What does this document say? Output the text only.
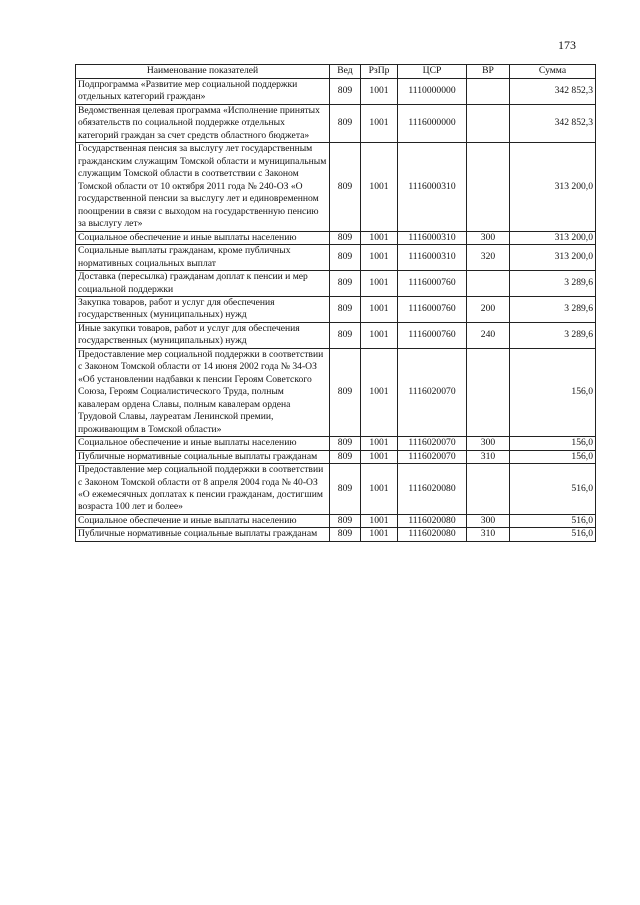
173
Наименование показателей	Вед	РзПр	ЦСР	ВР	Сумма
Подпрограмма «Развитие мер социальной поддержки отдельных категорий граждан»	809	1001	1110000000		342 852,3
Ведомственная целевая программа «Исполнение принятых обязательств по социальной поддержке отдельных категорий граждан за счет средств областного бюджета»	809	1001	1116000000		342 852,3
Государственная пенсия за выслугу лет государственным гражданским служащим Томской области и муниципальным служащим Томской области в соответствии с Законом Томской области от 10 октября 2011 года № 240-ОЗ «О государственной пенсии за выслугу лет и единовременном поощрении в связи с выходом на государственную пенсию за выслугу лет»	809	1001	1116000310		313 200,0
Социальное обеспечение и иные выплаты населению	809	1001	1116000310	300	313 200,0
Социальные выплаты гражданам, кроме публичных нормативных социальных выплат	809	1001	1116000310	320	313 200,0
Доставка (пересылка) гражданам доплат к пенсии и мер социальной поддержки	809	1001	1116000760		3 289,6
Закупка товаров, работ и услуг для обеспечения государственных (муниципальных) нужд	809	1001	1116000760	200	3 289,6
Иные закупки товаров, работ и услуг для обеспечения государственных (муниципальных) нужд	809	1001	1116000760	240	3 289,6
Предоставление мер социальной поддержки в соответствии с Законом Томской области от 14 июня 2002 года № 34-ОЗ «Об установлении надбавки к пенсии Героям Советского Союза, Героям Социалистического Труда, полным кавалерам ордена Славы, полным кавалерам ордена Трудовой Славы, лауреатам Ленинской премии, проживающим в Томской области»	809	1001	1116020070		156,0
Социальное обеспечение и иные выплаты населению	809	1001	1116020070	300	156,0
Публичные нормативные социальные выплаты гражданам	809	1001	1116020070	310	156,0
Предоставление мер социальной поддержки в соответствии с Законом Томской области от 8 апреля 2004 года № 40-ОЗ «О ежемесячных доплатах к пенсии гражданам, достигшим возраста 100 лет и более»	809	1001	1116020080		516,0
Социальное обеспечение и иные выплаты населению	809	1001	1116020080	300	516,0
Публичные нормативные социальные выплаты гражданам	809	1001	1116020080	310	516,0
